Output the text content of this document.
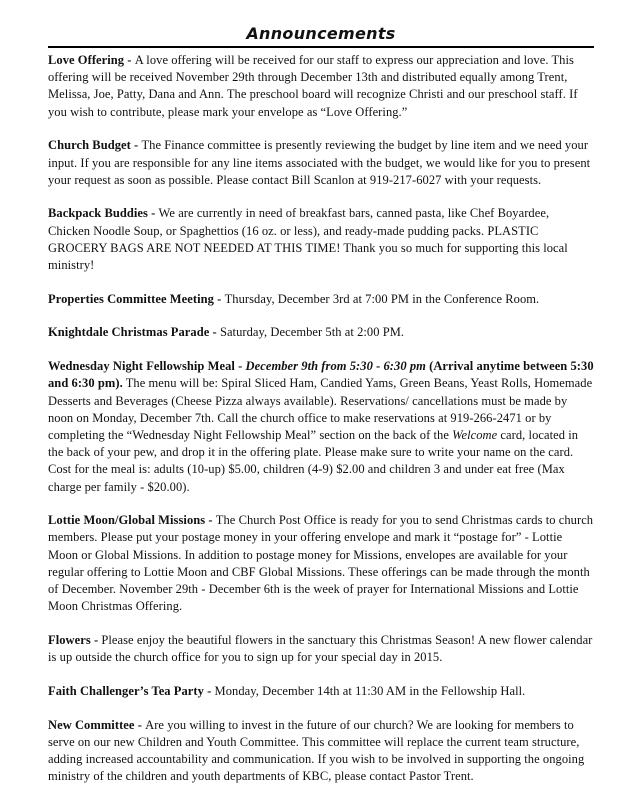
Announcements

Love Offering - A love offering will be received for our staff to express our appreciation and love. This offering will be received November 29th through December 13th and distributed equally among Trent, Melissa, Joe, Patty, Dana and Ann. The preschool board will recognize Christi and our preschool staff. If you wish to contribute, please mark your envelope as “Love Offering.”

Church Budget - The Finance committee is presently reviewing the budget by line item and we need your input. If you are responsible for any line items associated with the budget, we would like for you to present your request as soon as possible. Please contact Bill Scanlon at 919-217-6027 with your requests.

Backpack Buddies - We are currently in need of breakfast bars, canned pasta, like Chef Boyardee, Chicken Noodle Soup, or Spaghettios (16 oz. or less), and ready-made pudding packs. PLASTIC GROCERY BAGS ARE NOT NEEDED AT THIS TIME! Thank you so much for supporting this local ministry!

Properties Committee Meeting - Thursday, December 3rd at 7:00 PM in the Conference Room.

Knightdale Christmas Parade - Saturday, December 5th at 2:00 PM.

Wednesday Night Fellowship Meal - December 9th from 5:30 - 6:30 pm (Arrival anytime between 5:30 and 6:30 pm). The menu will be: Spiral Sliced Ham, Candied Yams, Green Beans, Yeast Rolls, Homemade Desserts and Beverages (Cheese Pizza always available). Reservations/ cancellations must be made by noon on Monday, December 7th. Call the church office to make reservations at 919-266-2471 or by completing the “Wednesday Night Fellowship Meal” section on the back of the Welcome card, located in the back of your pew, and drop it in the offering plate. Please make sure to write your name on the card. Cost for the meal is: adults (10-up) $5.00, children (4-9) $2.00 and children 3 and under eat free (Max charge per family - $20.00).

Lottie Moon/Global Missions - The Church Post Office is ready for you to send Christmas cards to church members. Please put your postage money in your offering envelope and mark it “postage for” - Lottie Moon or Global Missions. In addition to postage money for Missions, envelopes are available for your regular offering to Lottie Moon and CBF Global Missions. These offerings can be made through the month of December. November 29th - December 6th is the week of prayer for International Missions and Lottie Moon Christmas Offering.

Flowers - Please enjoy the beautiful flowers in the sanctuary this Christmas Season! A new flower calendar is up outside the church office for you to sign up for your special day in 2015.

Faith Challenger’s Tea Party - Monday, December 14th at 11:30 AM in the Fellowship Hall.

New Committee - Are you willing to invest in the future of our church? We are looking for members to serve on our new Children and Youth Committee. This committee will replace the current team structure, adding increased accountability and communication. If you wish to be involved in supporting the ongoing ministry of the children and youth departments of KBC, please contact Pastor Trent.
